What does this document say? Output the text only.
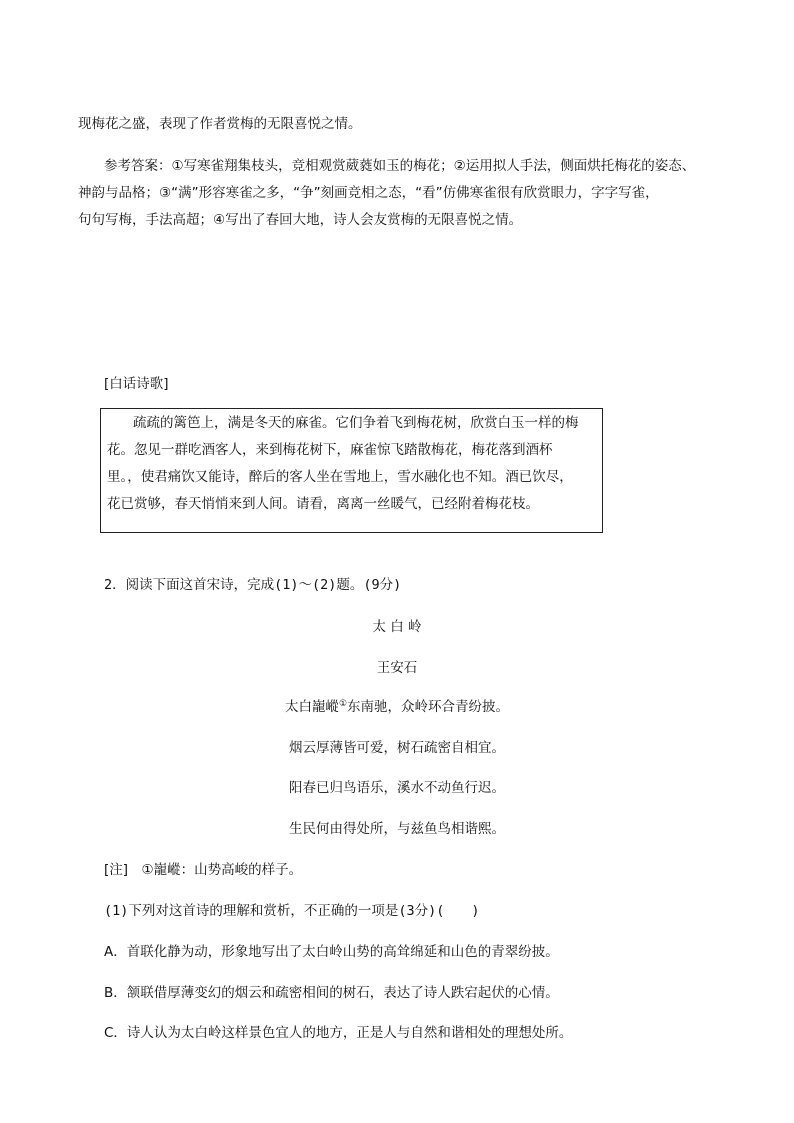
现梅花之盛，表现了作者赏梅的无限喜悦之情。
参考答案：①写寒雀翔集枝头，竞相观赏葳蕤如玉的梅花；②运用拟人手法，侧面烘托梅花的姿态、
神韵与品格；③“满”形容寒雀之多，“争”刻画竞相之态，“看”仿佛寒雀很有欣赏眼力，字字写雀，
句句写梅，手法高超；④写出了春回大地，诗人会友赏梅的无限喜悦之情。
[白话诗歌]
疏疏的篱笆上，满是冬天的麻雀。它们争着飞到梅花树，欣赏白玉一样的梅
花。忽见一群吃酒客人，来到梅花树下，麻雀惊飞踏散梅花，梅花落到酒杯
里。，使君痛饮又能诗，醉后的客人坐在雪地上，雪水融化也不知。酒已饮尽，
花已赏够，春天悄悄来到人间。请看，离离一丝暖气，已经附着梅花枝。
2．阅读下面这首宋诗，完成(1)～(2)题。(9分)
太 白 岭
王安石
太白巃嵷①东南驰，众岭环合青纷披。
烟云厚薄皆可爱，树石疏密自相宜。
阳春已归鸟语乐，溪水不动鱼行迟。
生民何由得处所，与兹鱼鸟相谐熙。
[注]　①巃嵷：山势高峻的样子。
(1)下列对这首诗的理解和赏析，不正确的一项是(3分)(　　)
A．首联化静为动，形象地写出了太白岭山势的高耸绵延和山色的青翠纷披。
B．颔联借厚薄变幻的烟云和疏密相间的树石，表达了诗人跌宕起伏的心情。
C．诗人认为太白岭这样景色宜人的地方，正是人与自然和谐相处的理想处所。
